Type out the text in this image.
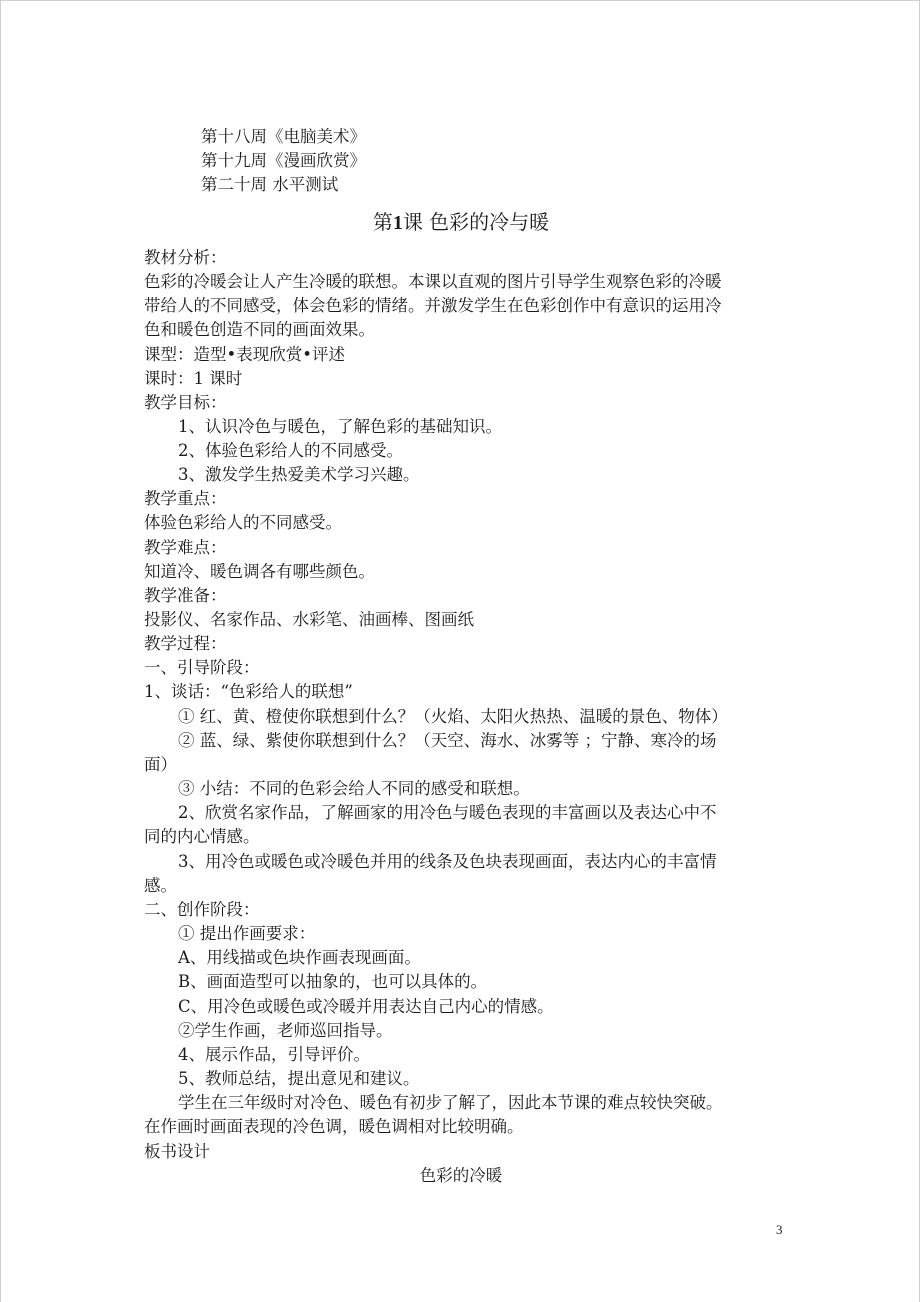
第十八周《电脑美术》
第十九周《漫画欣赏》
第二十周 水平测试
第1课 色彩的冷与暖
教材分析：
色彩的冷暖会让人产生冷暖的联想。本课以直观的图片引导学生观察色彩的冷暖
带给人的不同感受，体会色彩的情绪。并激发学生在色彩创作中有意识的运用冷
色和暖色创造不同的画面效果。
课型：造型•表现欣赏•评述
课时：1 课时
教学目标：
1、认识冷色与暖色，了解色彩的基础知识。
2、体验色彩给人的不同感受。
3、激发学生热爱美术学习兴趣。
教学重点：
体验色彩给人的不同感受。
教学难点：
知道冷、暖色调各有哪些颜色。
教学准备：
投影仪、名家作品、水彩笔、油画棒、图画纸
教学过程：
一、引导阶段：
1、谈话：“色彩给人的联想”
① 红、黄、橙使你联想到什么？（火焰、太阳火热热、温暖的景色、物体）
② 蓝、绿、紫使你联想到什么？（天空、海水、冰雾等 ；宁静、寒冷的场
面）
③ 小结：不同的色彩会给人不同的感受和联想。
2、欣赏名家作品，了解画家的用冷色与暖色表现的丰富画以及表达心中不
同的内心情感。
3、用冷色或暖色或冷暖色并用的线条及色块表现画面，表达内心的丰富情
感。
二、创作阶段：
① 提出作画要求：
A、用线描或色块作画表现画面。
B、画面造型可以抽象的，也可以具体的。
C、用冷色或暖色或冷暖并用表达自己内心的情感。
②学生作画，老师巡回指导。
4、展示作品，引导评价。
5、教师总结，提出意见和建议。
学生在三年级时对冷色、暖色有初步了解了，因此本节课的难点较快突破。
在作画时画面表现的冷色调，暖色调相对比较明确。
板书设计
色彩的冷暖
3
